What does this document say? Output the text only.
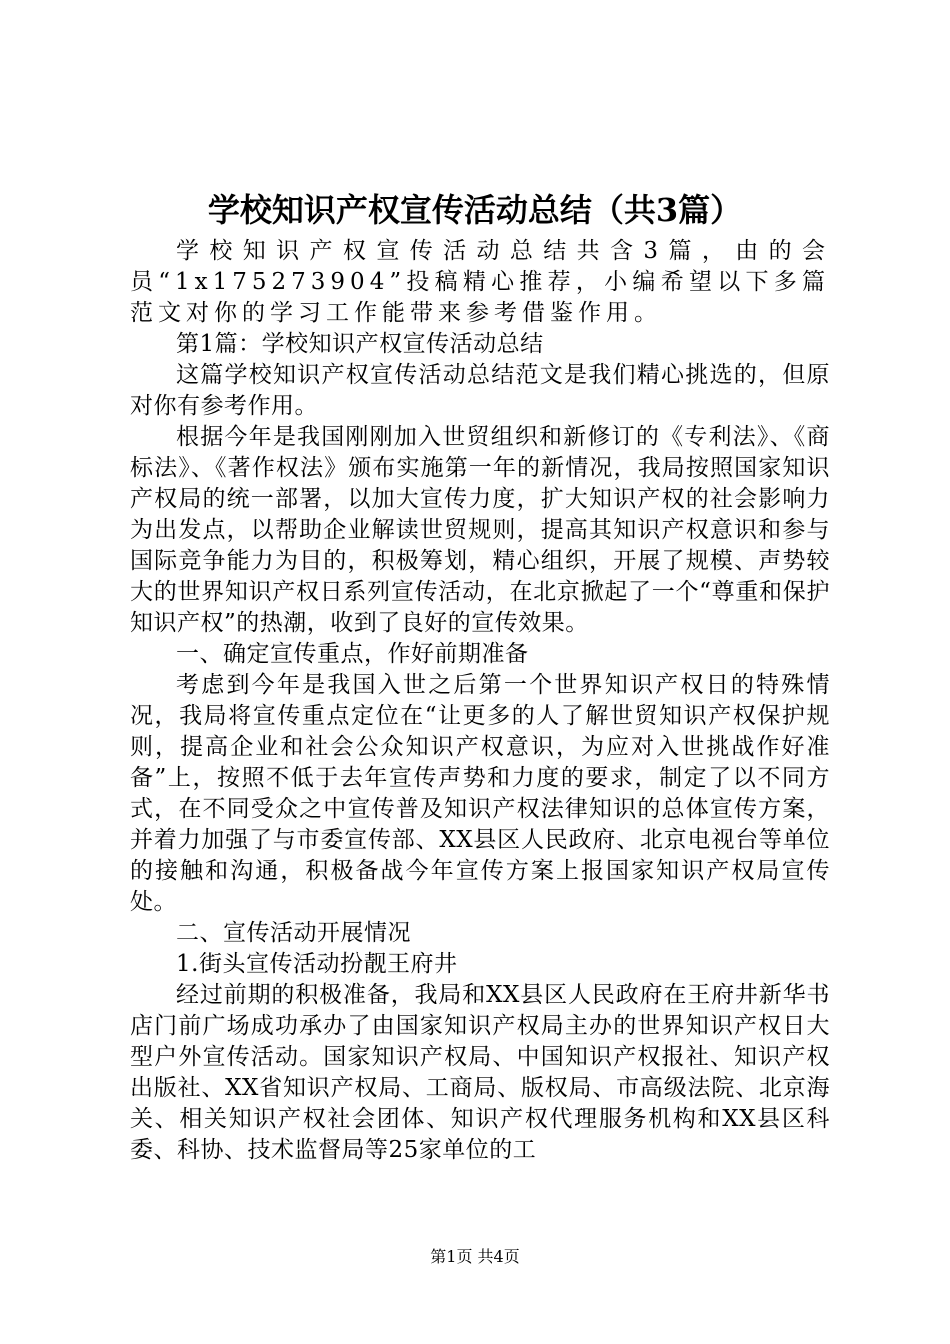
学校知识产权宣传活动总结（共3篇）

学校知识产权宣传活动总结共含3篇，由的会员“1x175273904”投稿精心推荐，小编希望以下多篇范文对你的学习工作能带来参考借鉴作用。

第1篇：学校知识产权宣传活动总结

这篇学校知识产权宣传活动总结范文是我们精心挑选的，但原对你有参考作用。

根据今年是我国刚刚加入世贸组织和新修订的《专利法》、《商标法》、《著作权法》颁布实施第一年的新情况，我局按照国家知识产权局的统一部署，以加大宣传力度，扩大知识产权的社会影响力为出发点，以帮助企业解读世贸规则，提高其知识产权意识和参与国际竞争能力为目的，积极筹划，精心组织，开展了规模、声势较大的世界知识产权日系列宣传活动，在北京掀起了一个“尊重和保护知识产权”的热潮，收到了良好的宣传效果。

一、确定宣传重点，作好前期准备

考虑到今年是我国入世之后第一个世界知识产权日的特殊情况，我局将宣传重点定位在“让更多的人了解世贸知识产权保护规则，提高企业和社会公众知识产权意识，为应对入世挑战作好准备”上，按照不低于去年宣传声势和力度的要求，制定了以不同方式，在不同受众之中宣传普及知识产权法律知识的总体宣传方案，并着力加强了与市委宣传部、XX县区人民政府、北京电视台等单位的接触和沟通，积极备战今年宣传方案上报国家知识产权局宣传处。

二、宣传活动开展情况

1.街头宣传活动扮靓王府井

经过前期的积极准备，我局和XX县区人民政府在王府井新华书店门前广场成功承办了由国家知识产权局主办的世界知识产权日大型户外宣传活动。国家知识产权局、中国知识产权报社、知识产权出版社、XX省知识产权局、工商局、版权局、市高级法院、北京海关、相关知识产权社会团体、知识产权代理服务机构和XX县区科委、科协、技术监督局等25家单位的工

第1页 共4页
